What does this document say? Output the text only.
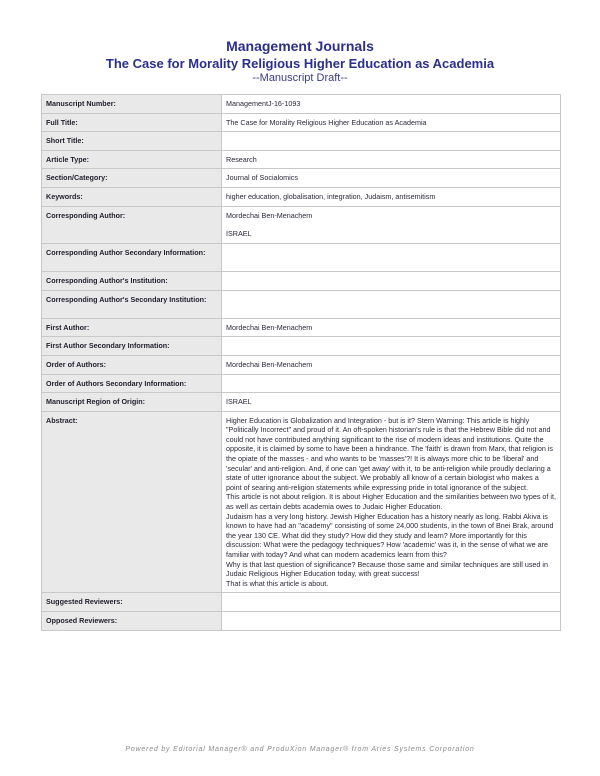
Management Journals
The Case for Morality Religious Higher Education as Academia
--Manuscript Draft--
Manuscript Number:	ManagementJ-16-1093
Full Title:	The Case for Morality Religious Higher Education as Academia
Short Title:	
Article Type:	Research
Section/Category:	Journal of Socialomics
Keywords:	higher education, globalisation, integration, Judaism, antisemitism
Corresponding Author:	Mordechai Ben-Menachem
ISRAEL

Corresponding Author Secondary Information:	
Corresponding Author's Institution:	
Corresponding Author's Secondary Institution:	
First Author:	Mordechai Ben-Menachem
First Author Secondary Information:	
Order of Authors:	Mordechai Ben-Menachem
Order of Authors Secondary Information:	
Manuscript Region of Origin:	ISRAEL
Abstract:	Higher Education is Globalization and Integration - but is it? Stern Warning: This article is highly "Politically Incorrect" and proud of it. An oft-spoken historian's rule is that the Hebrew Bible did not and could not have contributed anything significant to the rise of modern ideas and institutions. Quite the opposite, it is claimed by some to have been a hindrance. The 'faith' is drawn from Marx, that religion is the opiate of the masses - and who wants to be 'masses'?! It is always more chic to be 'liberal' and 'secular' and anti-religion. And, if one can 'get away' with it, to be anti-religion while proudly declaring a state of utter ignorance about the subject. We probably all know of a certain biologist who makes a point of searing anti-religion statements while expressing pride in total ignorance of the subject.
This article is not about religion. It is about Higher Education and the similarities between two types of it, as well as certain debts academia owes to Judaic Higher Education.
Judaism has a very long history. Jewish Higher Education has a history nearly as long. Rabbi Akiva is known to have had an "academy" consisting of some 24,000 students, in the town of Bnei Brak, around the year 130 CE. What did they study? How did they study and learn? More importantly for this discussion: What were the pedagogy techniques? How 'academic' was it, in the sense of what we are familiar with today? And what can modern academics learn from this?
Why is that last question of significance? Because those same and similar techniques are still used in Judaic Religious Higher Education today, with great success!
That is what this article is about.
Suggested Reviewers:	
Opposed Reviewers:	
Powered by Editorial Manager® and ProduXion Manager® from Aries Systems Corporation
